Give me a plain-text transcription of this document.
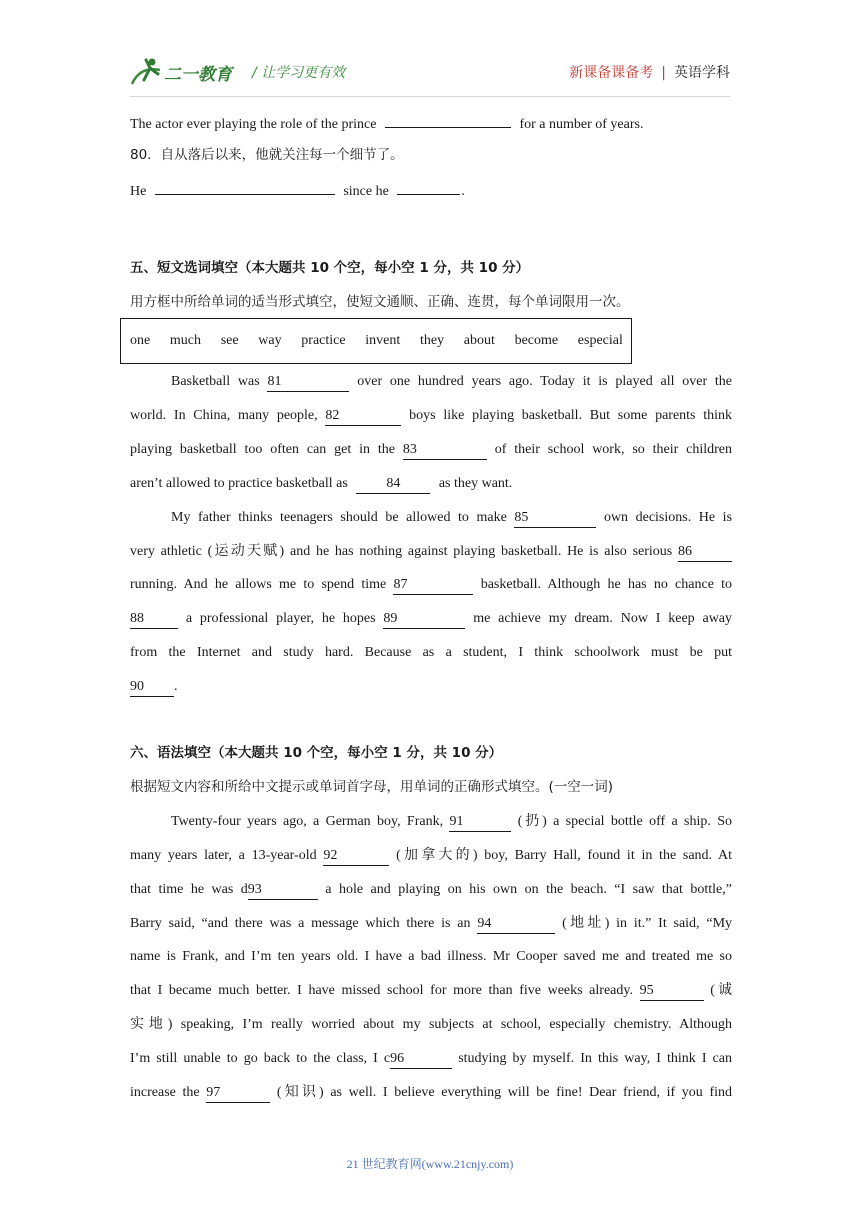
二一教育 / 让学习更有效	新课备课备考 | 英语学科
The actor ever playing the role of the prince	for a number of years.
80．自从落后以来，他就关注每一个细节了。
He	since he	.
五、短文选词填空（本大题共 10 个空，每小空 1 分，共 10 分）
用方框中所给单词的适当形式填空，使短文通顺、正确、连贯，每个单词限用一次。
one much see way practice invent they about become especial
Basketball was 81	over one hundred years ago. Today it is played all over the
world. In China, many people, 82	boys like playing basketball. But some parents think
playing basketball too often can get in the 83	of their school work, so their children
aren’t allowed to practice basketball as	84	as they want.
My father thinks teenagers should be allowed to make 85	own decisions. He is
very athletic (运动天赋) and he has nothing against playing basketball. He is also serious 86
running. And he allows me to spend time 87	basketball. Although he has no chance to
88	a professional player, he hopes 89	me achieve my dream. Now I keep away
from the Internet and study hard. Because as a student, I think schoolwork must be put
90 .
六、语法填空（本大题共 10 个空，每小空 1 分，共 10 分）
根据短文内容和所给中文提示或单词首字母，用单词的正确形式填空。(一空一词)
Twenty-four years ago, a German boy, Frank, 91	(扔) a special bottle off a ship. So
many years later, a 13-year-old 92	(加拿大的) boy, Barry Hall, found it in the sand. At
that time he was d93	a hole and playing on his own on the beach. “I saw that bottle,”
Barry said, “and there was a message which there is an 94	(地址) in it.” It said, “My
name is Frank, and I’m ten years old. I have a bad illness. Mr Cooper saved me and treated me so
that I became much better. I have missed school for more than five weeks already. 95	(诚
实地) speaking, I’m really worried about my subjects at school, especially chemistry. Although
I’m still unable to go back to the class, I c96	studying by myself. In this way, I think I can
increase the 97	(知识) as well. I believe everything will be fine! Dear friend, if you find
21 世纪教育网(www.21cnjy.com)
